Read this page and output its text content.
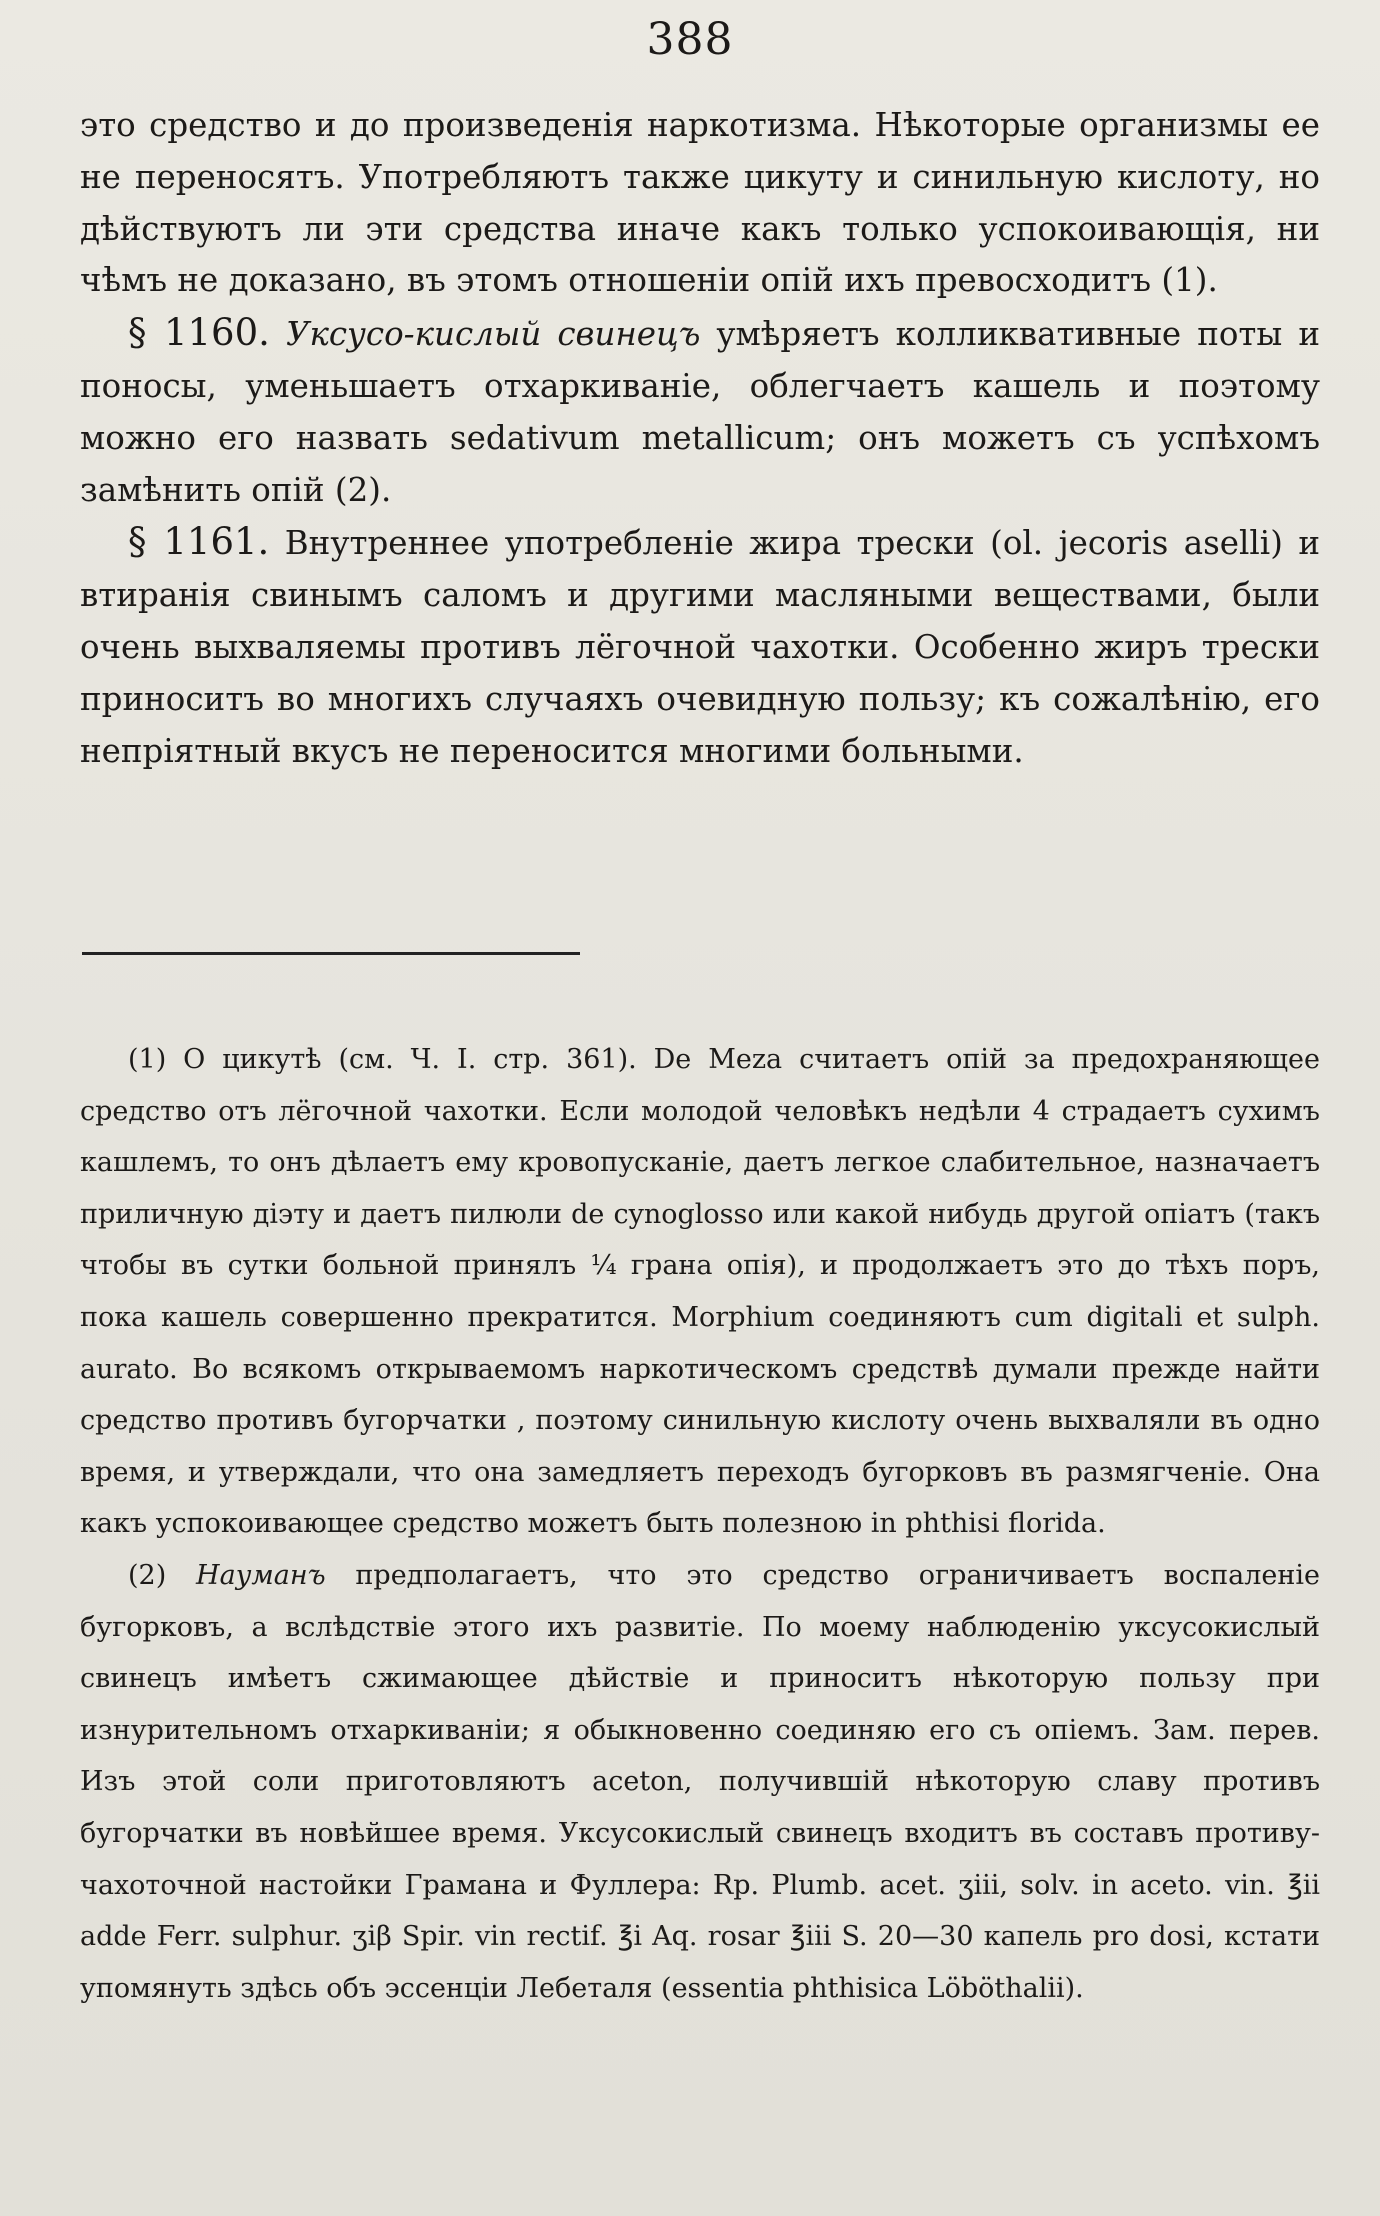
388

это средство и до произведенія наркотизма. Нѣкоторые организмы ее не переносятъ. Употребляютъ также цикуту и синильную кислоту, но дѣйствуютъ ли эти средства иначе какъ только успокоивающія, ни чѣмъ не доказано, въ этомъ отношеніи опій ихъ превосходитъ (1).

§ 1160. Уксусо-кислый свинецъ умѣряетъ колликвативные поты и поносы, уменьшаетъ отхаркиваніе, облегчаетъ кашель и поэтому можно его назвать sedativum metallicum; онъ можетъ съ успѣхомъ замѣнить опій (2).

§ 1161. Внутреннее употребленіе жира трески (ol. jecoris aselli) и втиранія свинымъ саломъ и другими масляными веществами, были очень выхваляемы противъ лёгочной чахотки. Особенно жиръ трески приноситъ во многихъ случаяхъ очевидную пользу; къ сожалѣнію, его непріятный вкусъ не переносится многими больными.

(1) О цикутѣ (см. Ч. I. стр. 361). De Meza считаетъ опій за предохраняющее средство отъ лёгочной чахотки. Если молодой человѣкъ недѣли 4 страдаетъ сухимъ кашлемъ, то онъ дѣлаетъ ему кровопусканіе, даетъ легкое слабительное, назначаетъ приличную діэту и даетъ пилюли de cynoglosso или какой нибудь другой опіатъ (такъ чтобы въ сутки больной принялъ ¼ грана опія), и продолжаетъ это до тѣхъ поръ, пока кашель совершенно прекратится. Morphium соединяютъ cum digitali et sulph. aurato. Во всякомъ открываемомъ наркотическомъ средствѣ думали прежде найти средство противъ бугорчатки , поэтому синильную кислоту очень выхваляли въ одно время, и утверждали, что она замедляетъ переходъ бугорковъ въ размягченіе. Она какъ успокоивающее средство можетъ быть полезною in phthisi florida.

(2) Науманъ предполагаетъ, что это средство ограничиваетъ воспаленіе бугорковъ, а вслѣдствіе этого ихъ развитіе. По моему наблюденію уксусокислый свинецъ имѣетъ сжимающее дѣйствіе и приноситъ нѣкоторую пользу при изнурительномъ отхаркиваніи; я обыкновенно соединяю его съ опіемъ. Зам. перев. Изъ этой соли приготовляютъ aceton, получившій нѣкоторую славу противъ бугорчатки въ новѣйшее время. Уксусокислый свинецъ входитъ въ составъ противу-чахоточной настойки Грамана и Фуллера: Rp. Plumb. acet. ʒiii, solv. in aceto. vin. ℥ii adde Ferr. sulphur. ʒiβ Spir. vin rectif. ℥i Aq. rosar ℥iii S. 20—30 капель pro dosi, кстати упомянуть здѣсь объ эссенціи Лебеталя (essentia phthisica Löböthalii).
